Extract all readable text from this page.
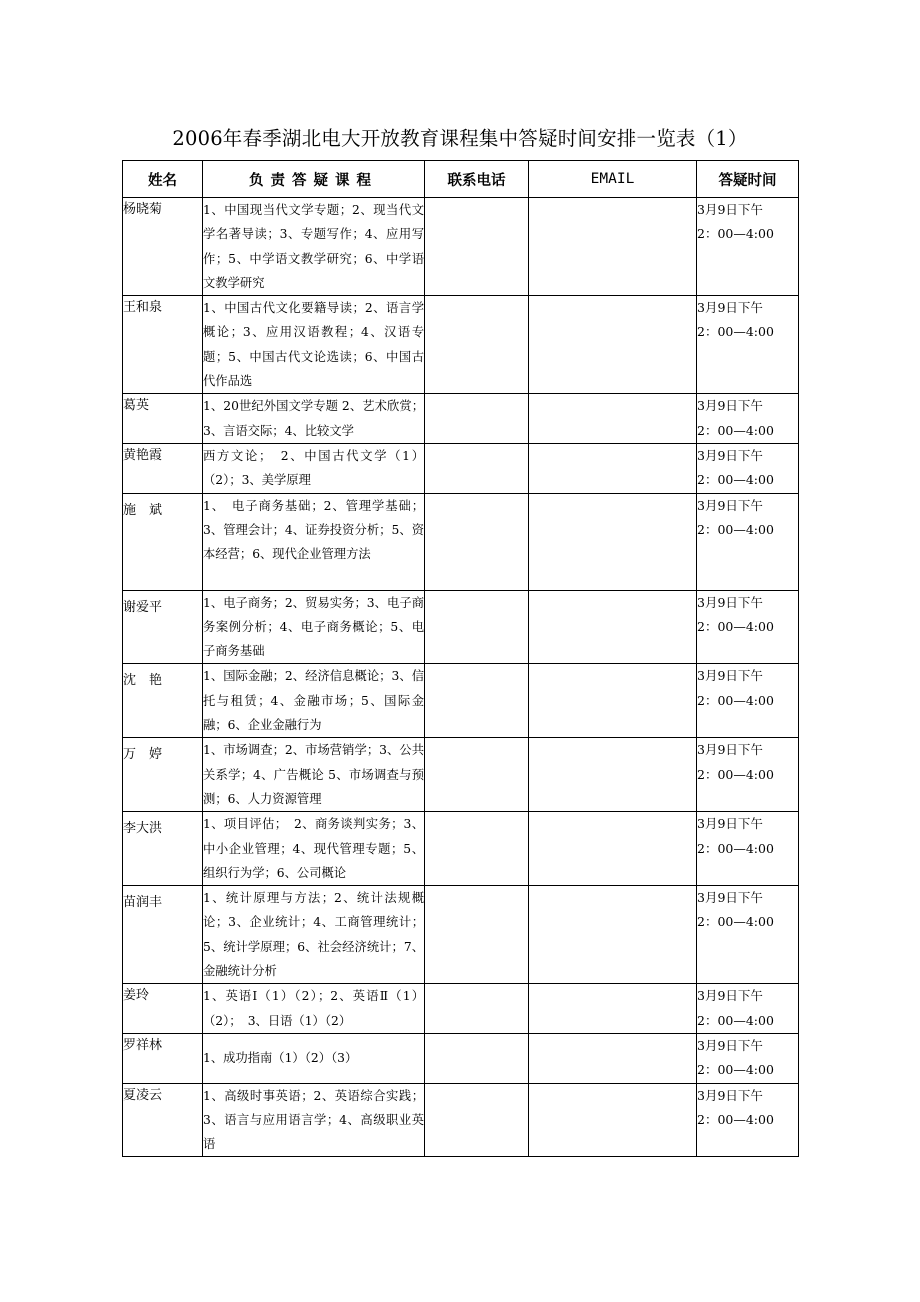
2006年春季湖北电大开放教育课程集中答疑时间安排一览表（1）
姓名	负责答疑课程	联系电话	EMAIL	答疑时间
杨晓菊	1、中国现当代文学专题；2、现当代文学名著导读；3、专题写作；4、应用写作；5、中学语文教学研究；6、中学语文教学研究			3月9日下午
2：00—4:00

王和泉	1、中国古代文化要籍导读；2、语言学概论；3、应用汉语教程；4、汉语专题；5、中国古代文论选读；6、中国古代作品选			3月9日下午
2：00—4:00

葛英	1、20世纪外国文学专题 2、艺术欣赏；3、言语交际；4、比较文学			3月9日下午
2：00—4:00

黄艳霞	西方文论；　2、中国古代文学（1）（2）；3、美学原理			3月9日下午
2：00—4:00

施　斌	1、　电子商务基础；2、管理学基础；3、管理会计；4、证券投资分析；5、资本经营；6、现代企业管理方法			3月9日下午
2：00—4:00

谢爱平	1、电子商务；2、贸易实务；3、电子商务案例分析；4、电子商务概论；5、电子商务基础			3月9日下午
2：00—4:00

沈　艳	1、国际金融；2、经济信息概论；3、信托与租赁；4、金融市场；5、国际金融；6、企业金融行为			3月9日下午
2：00—4:00

万　婷	1、市场调查；2、市场营销学；3、公共关系学；4、广告概论 5、市场调查与预测；6、人力资源管理			3月9日下午
2：00—4:00

李大洪	1、项目评估；　2、商务谈判实务；3、中小企业管理；4、现代管理专题；5、组织行为学；6、公司概论			3月9日下午
2：00—4:00

苗润丰	1、统计原理与方法；2、统计法规概论；3、企业统计；4、工商管理统计；5、统计学原理；6、社会经济统计；7、金融统计分析			3月9日下午
2：00—4:00

姜玲	1、英语Ⅰ（1）（2）；2、英语Ⅱ（1）（2）；　3、日语（1）（2）			3月9日下午
2：00—4:00

罗祥林	1、成功指南（1）（2）（3）			3月9日下午
2：00—4:00

夏凌云	1、高级时事英语；2、英语综合实践；3、语言与应用语言学；4、高级职业英语			3月9日下午
2：00—4:00
